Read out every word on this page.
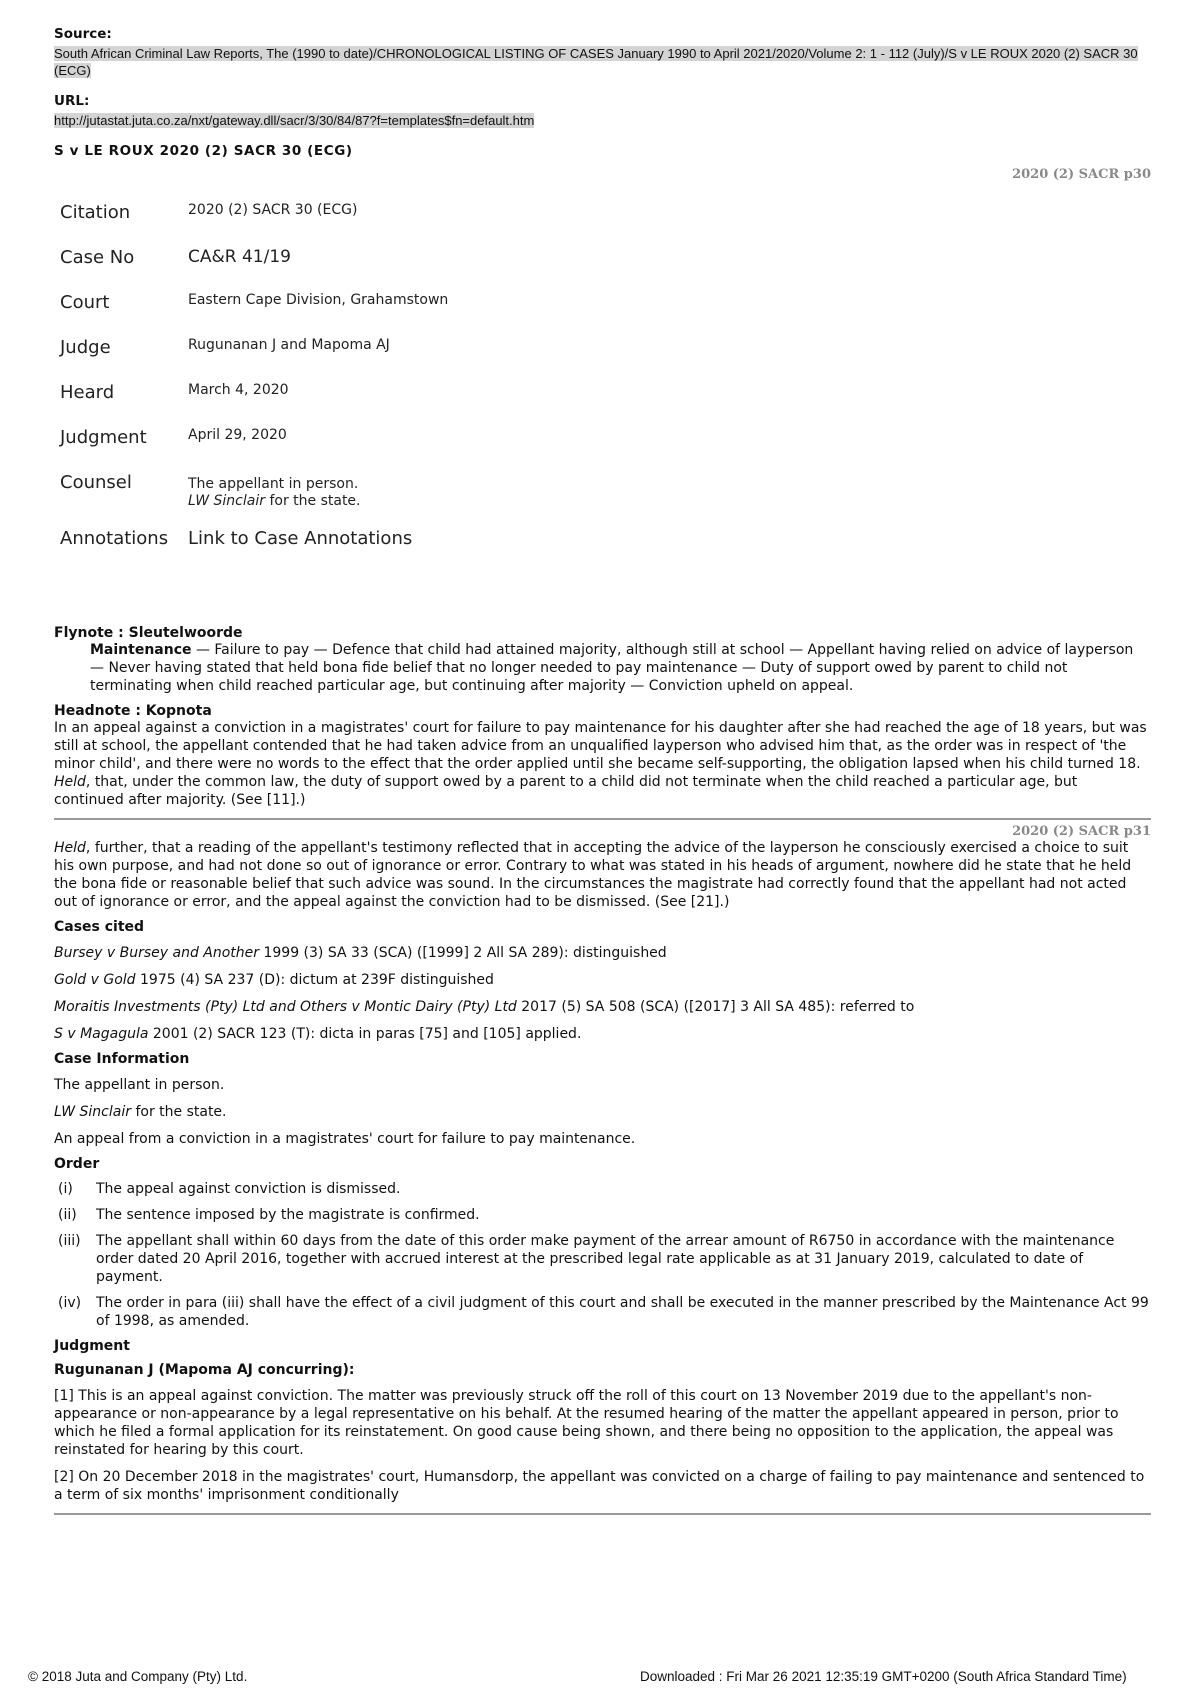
Source:
South African Criminal Law Reports, The (1990 to date)/CHRONOLOGICAL LISTING OF CASES January 1990 to April 2021/2020/Volume 2: 1 - 112 (July)/S v LE ROUX 2020 (2) SACR 30 (ECG)
URL:
http://jutastat.juta.co.za/nxt/gateway.dll/sacr/3/30/84/87?f=templates$fn=default.htm
S v LE ROUX 2020 (2) SACR 30 (ECG)
2020 (2) SACR p30
Citation	2020 (2) SACR 30 (ECG)
Case No	CA&R 41/19
Court	Eastern Cape Division, Grahamstown
Judge	Rugunanan J and Mapoma AJ
Heard	March 4, 2020
Judgment	April 29, 2020
Counsel	The appellant in person.
LW Sinclair for the state.

Annotations	Link to Case Annotations
Flynote : Sleutelwoorde
Maintenance — Failure to pay — Defence that child had attained majority, although still at school — Appellant having relied on advice of layperson — Never having stated that held bona fide belief that no longer needed to pay maintenance — Duty of support owed by parent to child not terminating when child reached particular age, but continuing after majority — Conviction upheld on appeal.
Headnote : Kopnota
In an appeal against a conviction in a magistrates' court for failure to pay maintenance for his daughter after she had reached the age of 18 years, but was still at school, the appellant contended that he had taken advice from an unqualified layperson who advised him that, as the order was in respect of 'the minor child', and there were no words to the effect that the order applied until she became self-supporting, the obligation lapsed when his child turned 18.
Held, that, under the common law, the duty of support owed by a parent to a child did not terminate when the child reached a particular age, but continued after majority. (See [11].)
2020 (2) SACR p31
Held, further, that a reading of the appellant's testimony reflected that in accepting the advice of the layperson he consciously exercised a choice to suit his own purpose, and had not done so out of ignorance or error. Contrary to what was stated in his heads of argument, nowhere did he state that he held the bona fide or reasonable belief that such advice was sound. In the circumstances the magistrate had correctly found that the appellant had not acted out of ignorance or error, and the appeal against the conviction had to be dismissed. (See [21].)
Cases cited
Bursey v Bursey and Another 1999 (3) SA 33 (SCA) ([1999] 2 All SA 289): distinguished
Gold v Gold 1975 (4) SA 237 (D): dictum at 239F distinguished
Moraitis Investments (Pty) Ltd and Others v Montic Dairy (Pty) Ltd 2017 (5) SA 508 (SCA) ([2017] 3 All SA 485): referred to
S v Magagula 2001 (2) SACR 123 (T): dicta in paras [75] and [105] applied.
Case Information
The appellant in person.
LW Sinclair for the state.
An appeal from a conviction in a magistrates' court for failure to pay maintenance.
Order
(i)	The appeal against conviction is dismissed.
(ii)	The sentence imposed by the magistrate is confirmed.
(iii)	The appellant shall within 60 days from the date of this order make payment of the arrear amount of R6750 in accordance with the maintenance order dated 20 April 2016, together with accrued interest at the prescribed legal rate applicable as at 31 January 2019, calculated to date of payment.
(iv)	The order in para (iii) shall have the effect of a civil judgment of this court and shall be executed in the manner prescribed by the Maintenance Act 99 of 1998, as amended.
Judgment
Rugunanan J (Mapoma AJ concurring):
[1] This is an appeal against conviction. The matter was previously struck off the roll of this court on 13 November 2019 due to the appellant's non-appearance or non-appearance by a legal representative on his behalf. At the resumed hearing of the matter the appellant appeared in person, prior to which he filed a formal application for its reinstatement. On good cause being shown, and there being no opposition to the application, the appeal was reinstated for hearing by this court.
[2] On 20 December 2018 in the magistrates' court, Humansdorp, the appellant was convicted on a charge of failing to pay maintenance and sentenced to a term of six months' imprisonment conditionally
© 2018 Juta and Company (Pty) Ltd.	Downloaded : Fri Mar 26 2021 12:35:19 GMT+0200 (South Africa Standard Time)
